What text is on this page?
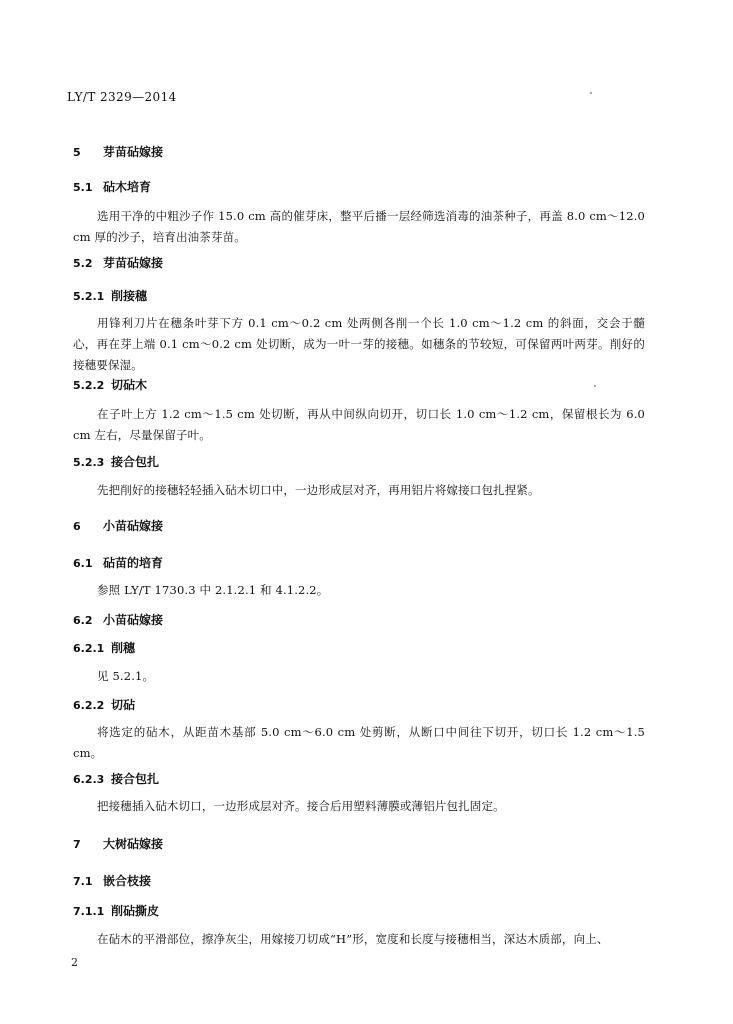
LY/T 2329—2014
5 芽苗砧嫁接
5.1 砧木培育
选用干净的中粗沙子作 15.0 cm 高的催芽床，整平后播一层经筛选消毒的油茶种子，再盖 8.0 cm～12.0 cm 厚的沙子，培育出油茶芽苗。
5.2 芽苗砧嫁接
5.2.1 削接穗
用锋利刀片在穗条叶芽下方 0.1 cm～0.2 cm 处两侧各削一个长 1.0 cm～1.2 cm 的斜面，交会于髓心，再在芽上端 0.1 cm～0.2 cm 处切断，成为一叶一芽的接穗。如穗条的节较短，可保留两叶两芽。削好的接穗要保湿。
5.2.2 切砧木
在子叶上方 1.2 cm～1.5 cm 处切断，再从中间纵向切开，切口长 1.0 cm～1.2 cm，保留根长为 6.0 cm 左右，尽量保留子叶。
5.2.3 接合包扎
先把削好的接穗轻轻插入砧木切口中，一边形成层对齐，再用铝片将嫁接口包扎捏紧。
6 小苗砧嫁接
6.1 砧苗的培育
参照 LY/T 1730.3 中 2.1.2.1 和 4.1.2.2。
6.2 小苗砧嫁接
6.2.1 削穗
见 5.2.1。
6.2.2 切砧
将选定的砧木，从距苗木基部 5.0 cm～6.0 cm 处剪断，从断口中间往下切开，切口长 1.2 cm～1.5 cm。
6.2.3 接合包扎
把接穗插入砧木切口，一边形成层对齐。接合后用塑料薄膜或薄铝片包扎固定。
7 大树砧嫁接
7.1 嵌合枝接
7.1.1 削砧撕皮
在砧木的平滑部位，擦净灰尘，用嫁接刀切成“H”形，宽度和长度与接穗相当，深达木质部，向上、
2
